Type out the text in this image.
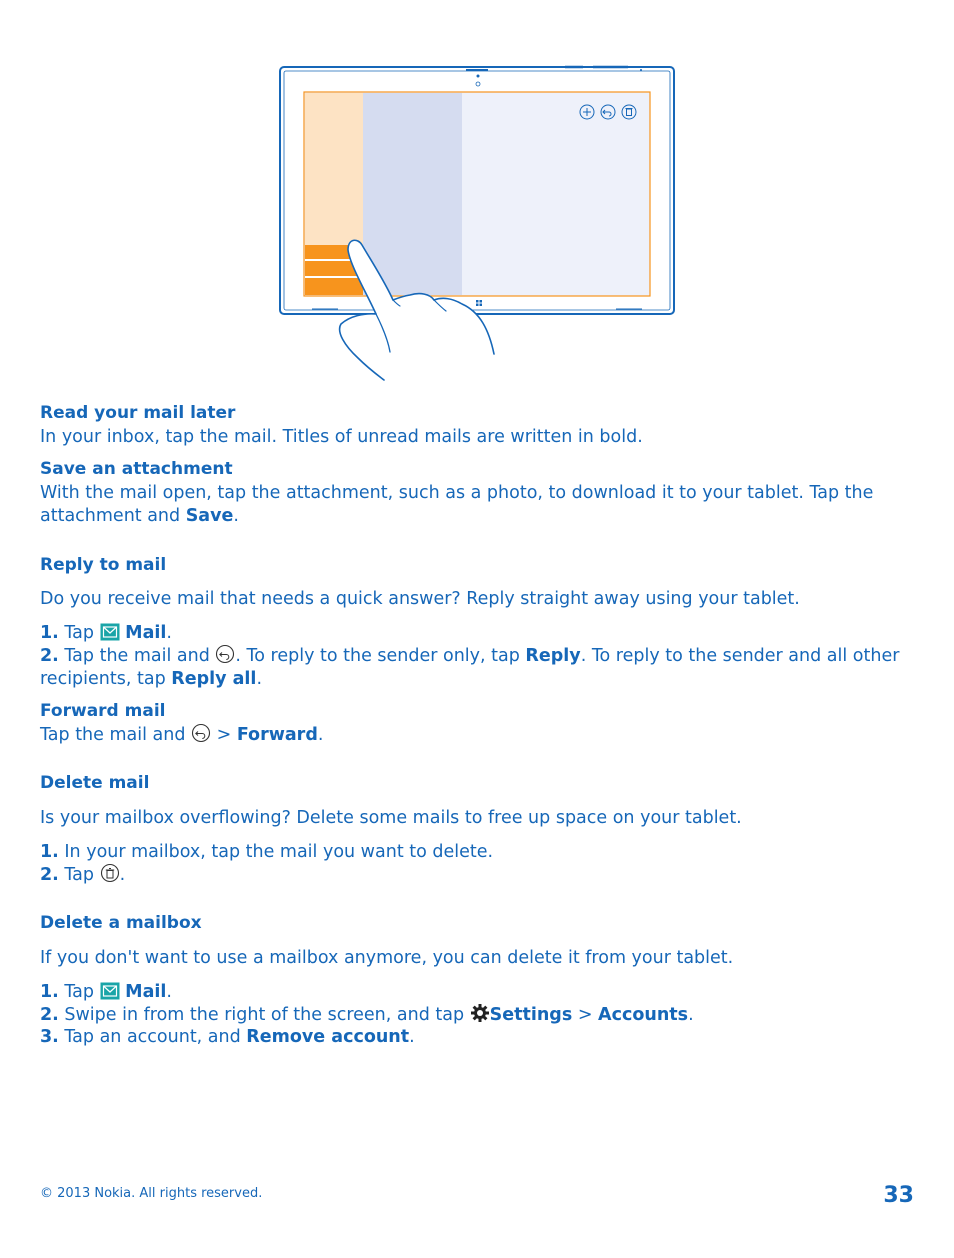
Read your mail later
In your inbox, tap the mail. Titles of unread mails are written in bold.
Save an attachment
With the mail open, tap the attachment, such as a photo, to download it to your tablet. Tap the attachment and Save.
Reply to mail
Do you receive mail that needs a quick answer? Reply straight away using your tablet.
1. Tap  Mail.
2. Tap the mail and . To reply to the sender only, tap Reply. To reply to the sender and all other recipients, tap Reply all.
Forward mail
Tap the mail and  > Forward.
Delete mail
Is your mailbox overflowing? Delete some mails to free up space on your tablet.
1. In your mailbox, tap the mail you want to delete.
2. Tap .
Delete a mailbox
If you don't want to use a mailbox anymore, you can delete it from your tablet.
1. Tap  Mail.
2. Swipe in from the right of the screen, and tap Settings > Accounts.
3. Tap an account, and Remove account.
© 2013 Nokia. All rights reserved.	33
